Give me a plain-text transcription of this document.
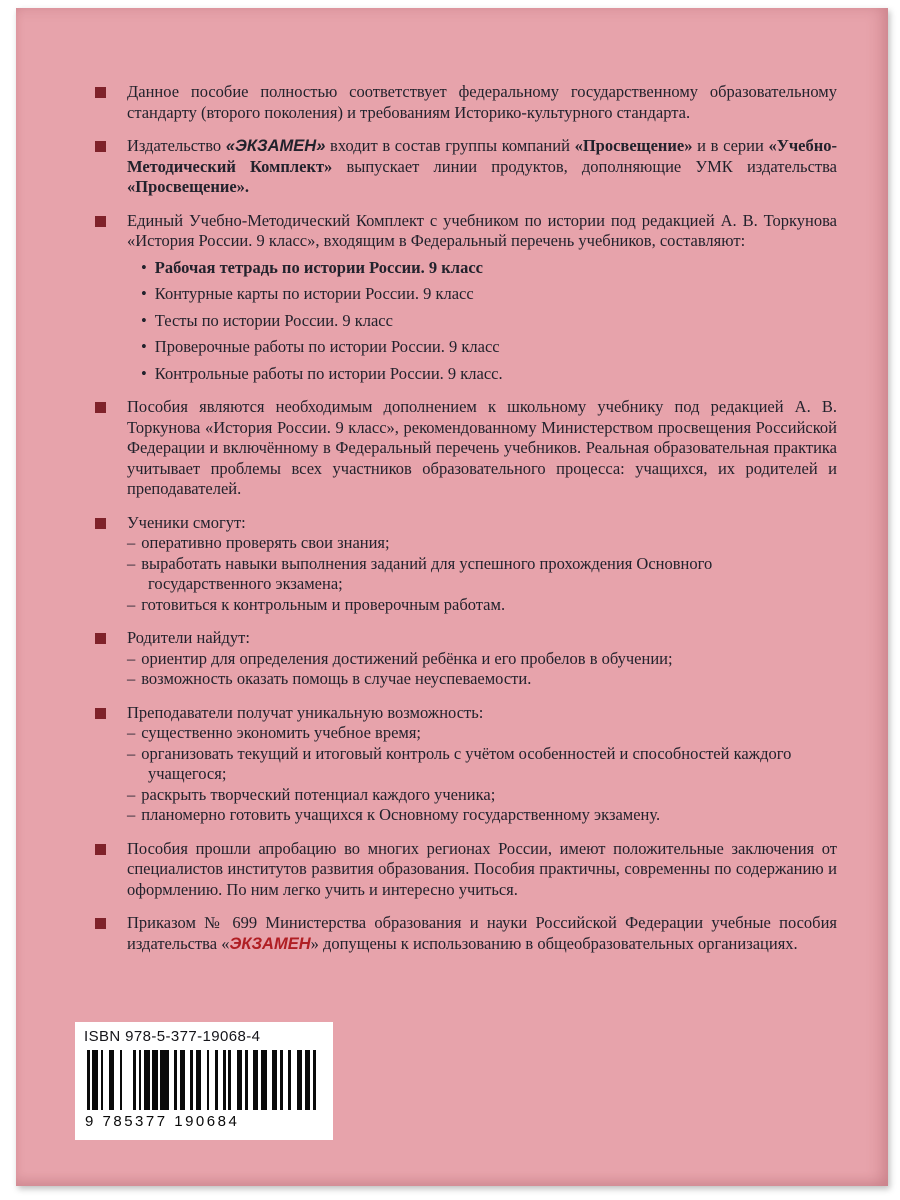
Данное пособие полностью соответствует федеральному государственному образовательному стандарту (второго поколения) и требованиям Историко-культурного стандарта.
Издательство «ЭКЗАМЕН» входит в состав группы компаний «Просвещение» и в серии «Учебно-Методический Комплект» выпускает линии продуктов, дополняющие УМК издательства «Просвещение».
Единый Учебно-Методический Комплект с учебником по истории под редакцией А. В. Торкунова «История России. 9 класс», входящим в Федеральный перечень учебников, составляют:
• Рабочая тетрадь по истории России. 9 класс
• Контурные карты по истории России. 9 класс
• Тесты по истории России. 9 класс
• Проверочные работы по истории России. 9 класс
• Контрольные работы по истории России. 9 класс.
Пособия являются необходимым дополнением к школьному учебнику под редакцией А. В. Торкунова «История России. 9 класс», рекомендованному Министерством просвещения Российской Федерации и включённому в Федеральный перечень учебников. Реальная образовательная практика учитывает проблемы всех участников образовательного процесса: учащихся, их родителей и преподавателей.
Ученики смогут:
– оперативно проверять свои знания;
– выработать навыки выполнения заданий для успешного прохождения Основного государственного экзамена;
– готовиться к контрольным и проверочным работам.
Родители найдут:
– ориентир для определения достижений ребёнка и его пробелов в обучении;
– возможность оказать помощь в случае неуспеваемости.
Преподаватели получат уникальную возможность:
– существенно экономить учебное время;
– организовать текущий и итоговый контроль с учётом особенностей и способностей каждого учащегося;
– раскрыть творческий потенциал каждого ученика;
– планомерно готовить учащихся к Основному государственному экзамену.
Пособия прошли апробацию во многих регионах России, имеют положительные заключения от специалистов институтов развития образования. Пособия практичны, современны по содержанию и оформлению. По ним легко учить и интересно учиться.
Приказом № 699 Министерства образования и науки Российской Федерации учебные пособия издательства «ЭКЗАМЕН» допущены к использованию в общеобразовательных организациях.
ISBN 978-5-377-19068-4
9 785377 190684
